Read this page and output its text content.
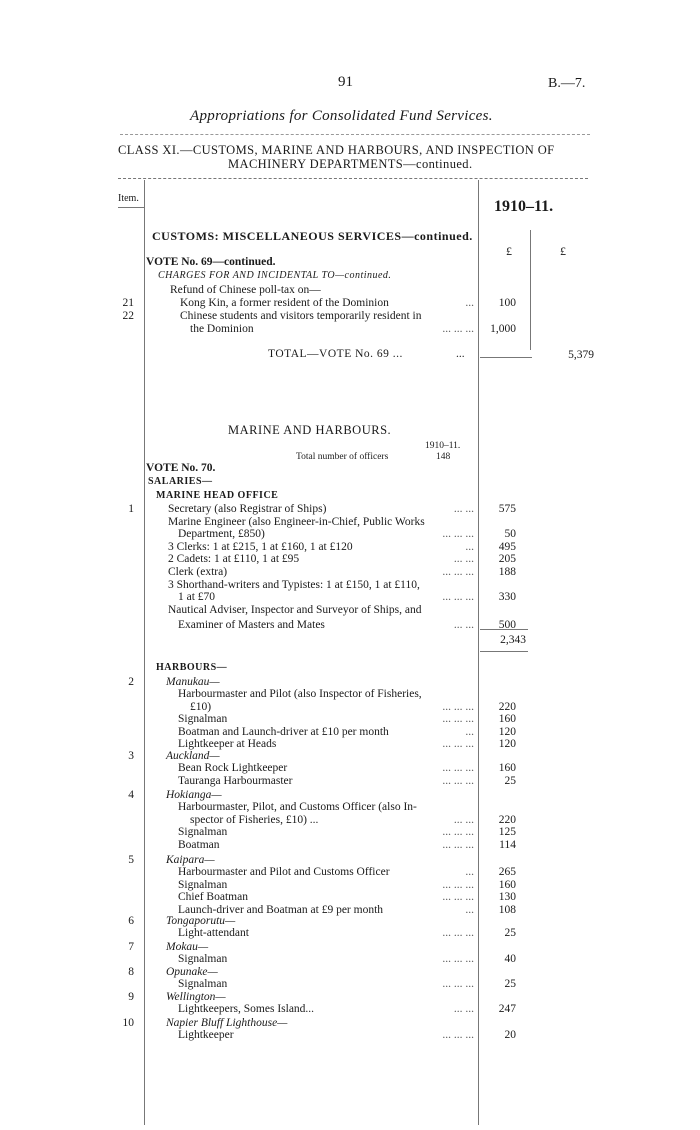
91	B.—7.
Appropriations for Consolidated Fund Services.
CLASS XI.—CUSTOMS, MARINE AND HARBOURS, AND INSPECTION OF
MACHINERY DEPARTMENTS—continued.
Item.	1910–11.
£	£
CUSTOMS: MISCELLANEOUS SERVICES—continued.
VOTE No. 69—continued.
CHARGES FOR AND INCIDENTAL TO—continued.
Refund of Chinese poll-tax on—
21	Kong Kin, a former resident of the Dominion	...	100
22	Chinese students and visitors temporarily resident in
the Dominion	... ... ...	1,000
TOTAL—VOTE No. 69 ...	...	5,379
MARINE AND HARBOURS.
1910–11.
Total number of officers	148
VOTE No. 70.
SALARIES—
MARINE HEAD OFFICE
1	Secretary (also Registrar of Ships)	... ...	575
Marine Engineer (also Engineer-in-Chief, Public Works
Department, £850)	... ... ...	50
3 Clerks: 1 at £215, 1 at £160, 1 at £120	...	495
2 Cadets: 1 at £110, 1 at £95	... ...	205
Clerk (extra)	... ... ...	188
3 Shorthand-writers and Typistes: 1 at £150, 1 at £110,
1 at £70	... ... ...	330
Nautical Adviser, Inspector and Surveyor of Ships, and
Examiner of Masters and Mates	... ...	500
2,343
HARBOURS—
2	Manukau—
Harbourmaster and Pilot (also Inspector of Fisheries,
£10)	... ... ...	220
Signalman	... ... ...	160
Boatman and Launch-driver at £10 per month	...	120
Lightkeeper at Heads	... ... ...	120
3	Auckland—
Bean Rock Lightkeeper	... ... ...	160
Tauranga Harbourmaster	... ... ...	25
4	Hokianga—
Harbourmaster, Pilot, and Customs Officer (also In-
spector of Fisheries, £10) ...	... ...	220
Signalman	... ... ...	125
Boatman	... ... ...	114
5	Kaipara—
Harbourmaster and Pilot and Customs Officer	...	265
Signalman	... ... ...	160
Chief Boatman	... ... ...	130
Launch-driver and Boatman at £9 per month	...	108
6	Tongaporutu—
Light-attendant	... ... ...	25
7	Mokau—
Signalman	... ... ...	40
8	Opunake—
Signalman	... ... ...	25
9	Wellington—
Lightkeepers, Somes Island...	... ...	247
10	Napier Bluff Lighthouse—
Lightkeeper	... ... ...	20
